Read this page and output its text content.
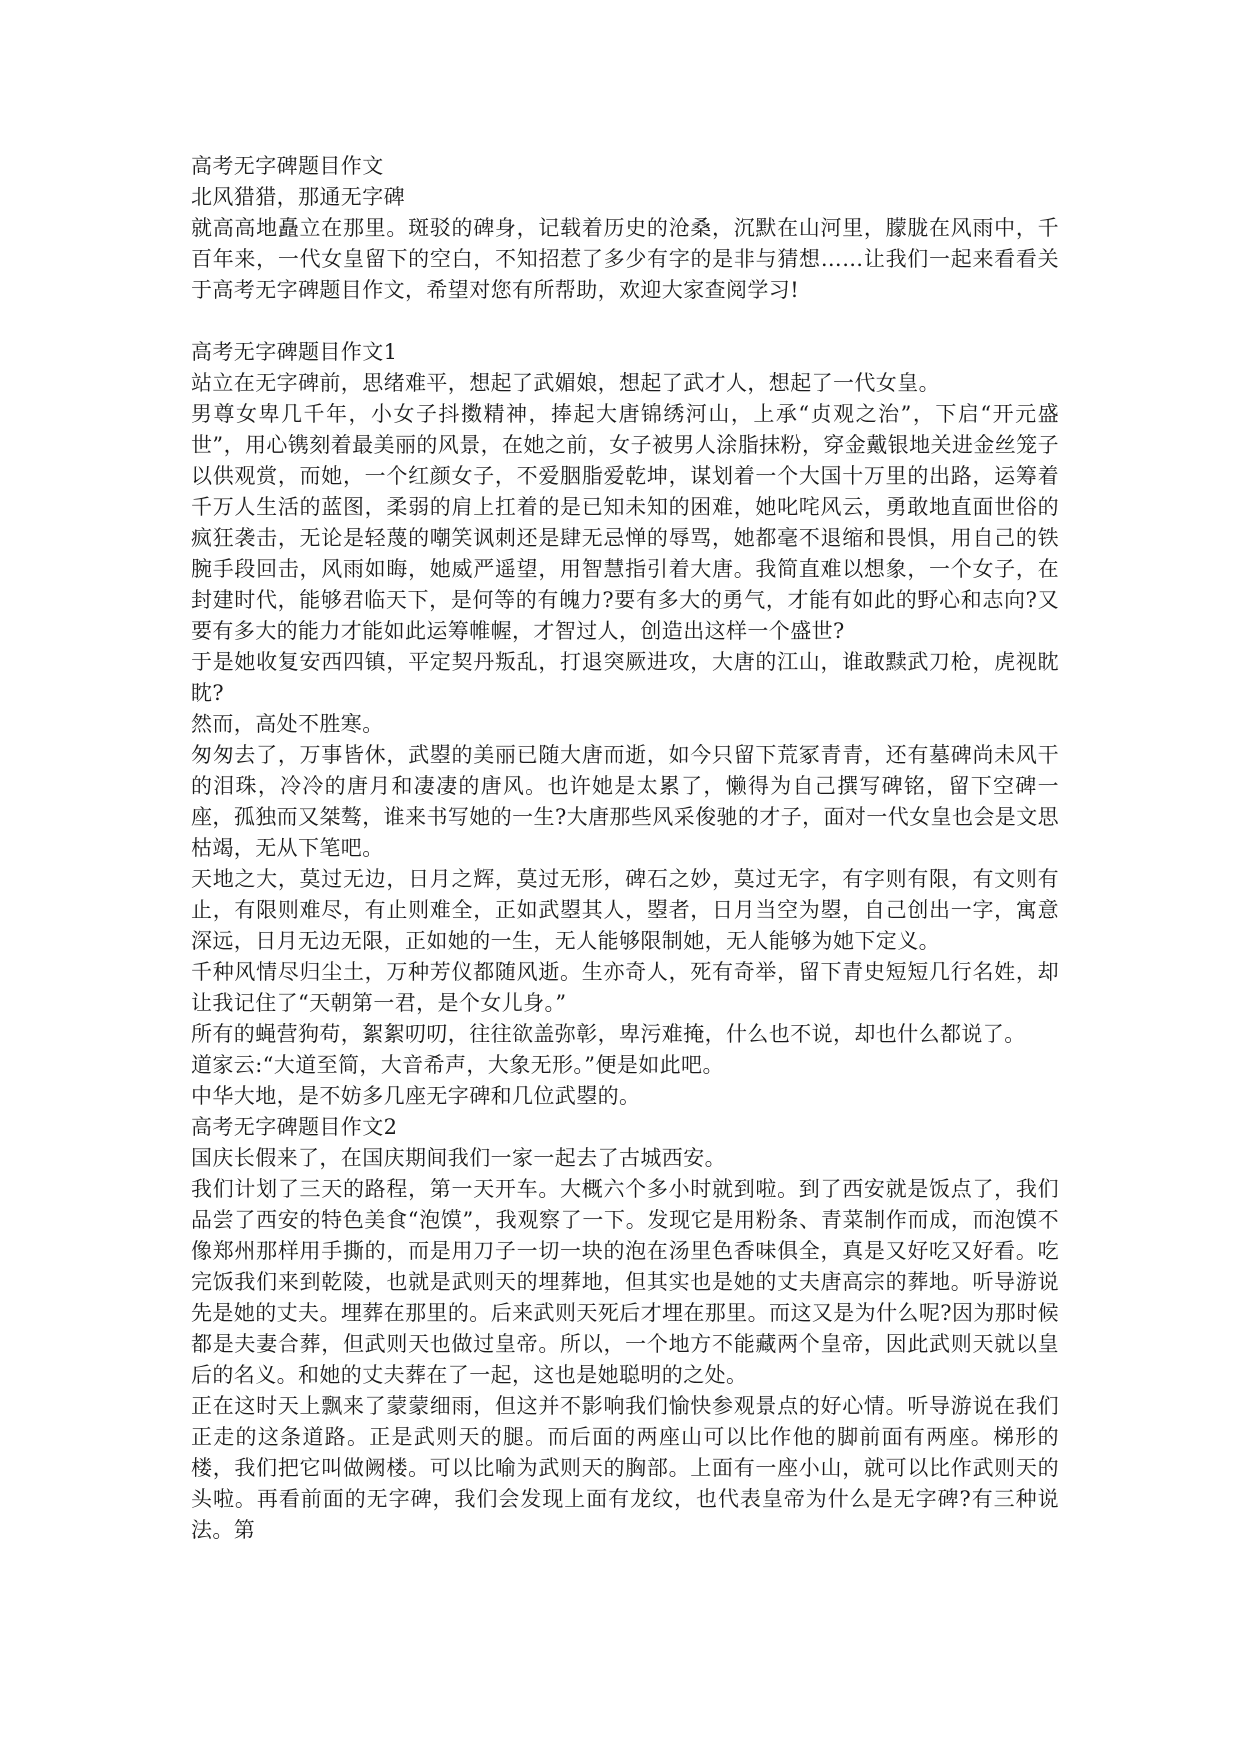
高考无字碑题目作文

北风猎猎，那通无字碑

就高高地矗立在那里。斑驳的碑身，记载着历史的沧桑，沉默在山河里，朦胧在风雨中，千百年来，一代女皇留下的空白，不知招惹了多少有字的是非与猜想……让我们一起来看看关于高考无字碑题目作文，希望对您有所帮助，欢迎大家查阅学习!

高考无字碑题目作文1

站立在无字碑前，思绪难平，想起了武媚娘，想起了武才人，想起了一代女皇。

男尊女卑几千年，小女子抖擞精神，捧起大唐锦绣河山，上承“贞观之治”，下启“开元盛世”，用心镌刻着最美丽的风景，在她之前，女子被男人涂脂抹粉，穿金戴银地关进金丝笼子以供观赏，而她，一个红颜女子，不爱胭脂爱乾坤，谋划着一个大国十万里的出路，运筹着千万人生活的蓝图，柔弱的肩上扛着的是已知未知的困难，她叱咤风云，勇敢地直面世俗的疯狂袭击，无论是轻蔑的嘲笑讽刺还是肆无忌惮的辱骂，她都毫不退缩和畏惧，用自己的铁腕手段回击，风雨如晦，她威严遥望，用智慧指引着大唐。我简直难以想象，一个女子，在封建时代，能够君临天下，是何等的有魄力?要有多大的勇气，才能有如此的野心和志向?又要有多大的能力才能如此运筹帷幄，才智过人，创造出这样一个盛世?

于是她收复安西四镇，平定契丹叛乱，打退突厥进攻，大唐的江山，谁敢黩武刀枪，虎视眈眈?

然而，高处不胜寒。

匆匆去了，万事皆休，武曌的美丽已随大唐而逝，如今只留下荒冢青青，还有墓碑尚未风干的泪珠，冷冷的唐月和凄凄的唐风。也许她是太累了，懒得为自己撰写碑铭，留下空碑一座，孤独而又桀骜，谁来书写她的一生?大唐那些风采俊驰的才子，面对一代女皇也会是文思枯竭，无从下笔吧。

天地之大，莫过无边，日月之辉，莫过无形，碑石之妙，莫过无字，有字则有限，有文则有止，有限则难尽，有止则难全，正如武曌其人，曌者，日月当空为曌，自己创出一字，寓意深远，日月无边无限，正如她的一生，无人能够限制她，无人能够为她下定义。

千种风情尽归尘土，万种芳仪都随风逝。生亦奇人，死有奇举，留下青史短短几行名姓，却让我记住了“天朝第一君，是个女儿身。”

所有的蝇营狗苟，絮絮叨叨，往往欲盖弥彰，卑污难掩，什么也不说，却也什么都说了。

道家云:“大道至简，大音希声，大象无形。”便是如此吧。

中华大地，是不妨多几座无字碑和几位武曌的。

高考无字碑题目作文2

国庆长假来了，在国庆期间我们一家一起去了古城西安。

我们计划了三天的路程，第一天开车。大概六个多小时就到啦。到了西安就是饭点了，我们品尝了西安的特色美食“泡馍”，我观察了一下。发现它是用粉条、青菜制作而成，而泡馍不像郑州那样用手撕的，而是用刀子一切一块的泡在汤里色香味俱全，真是又好吃又好看。吃完饭我们来到乾陵，也就是武则天的埋葬地，但其实也是她的丈夫唐高宗的葬地。听导游说先是她的丈夫。埋葬在那里的。后来武则天死后才埋在那里。而这又是为什么呢?因为那时候都是夫妻合葬，但武则天也做过皇帝。所以，一个地方不能藏两个皇帝，因此武则天就以皇后的名义。和她的丈夫葬在了一起，这也是她聪明的之处。

正在这时天上飘来了蒙蒙细雨，但这并不影响我们愉快参观景点的好心情。听导游说在我们正走的这条道路。正是武则天的腿。而后面的两座山可以比作他的脚前面有两座。梯形的楼，我们把它叫做阙楼。可以比喻为武则天的胸部。上面有一座小山，就可以比作武则天的头啦。再看前面的无字碑，我们会发现上面有龙纹，也代表皇帝为什么是无字碑?有三种说法。第
